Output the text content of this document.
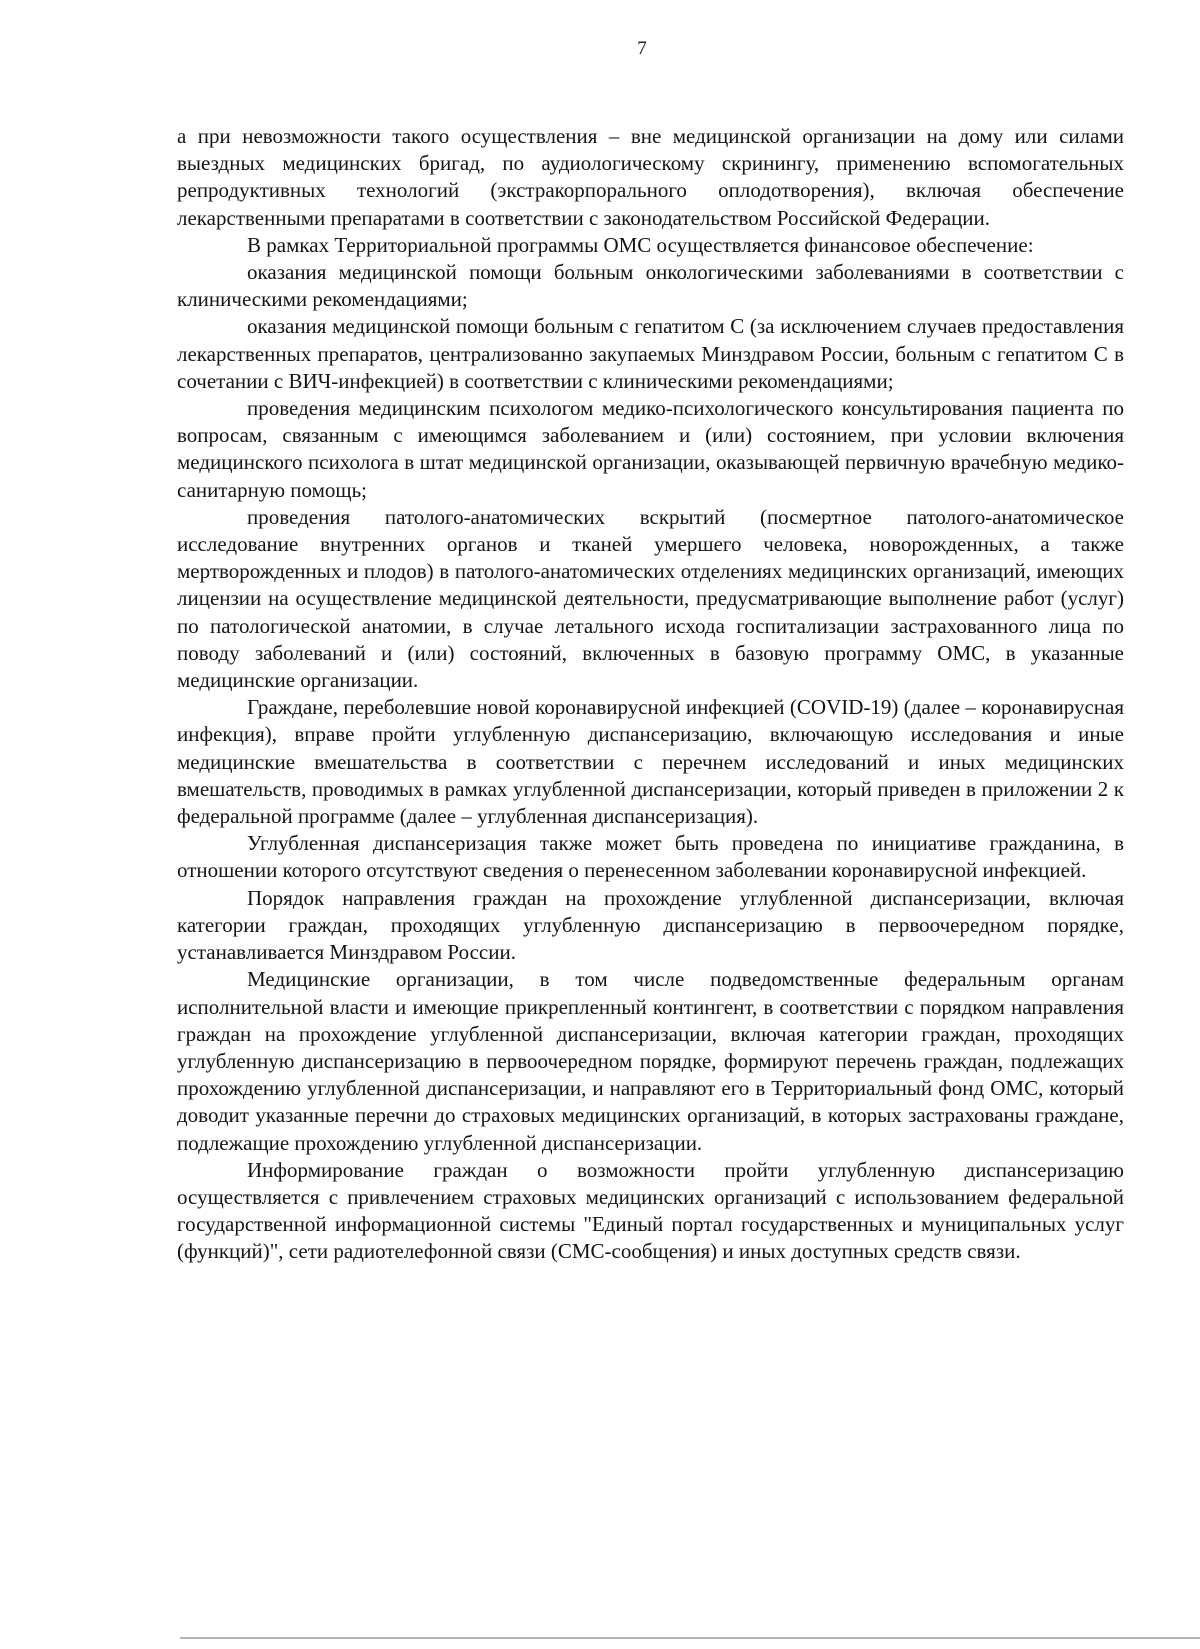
7

а при невозможности такого осуществления – вне медицинской организации на дому или силами выездных медицинских бригад, по аудиологическому скринингу, применению вспомогательных репродуктивных технологий (экстракорпорального оплодотворения), включая обеспечение лекарственными препаратами в соответствии с законодательством Российской Федерации.

В рамках Территориальной программы ОМС осуществляется финансовое обеспечение:

оказания медицинской помощи больным онкологическими заболеваниями в соответствии с клиническими рекомендациями;

оказания медицинской помощи больным с гепатитом С (за исключением случаев предоставления лекарственных препаратов, централизованно закупаемых Минздравом России, больным с гепатитом С в сочетании с ВИЧ-инфекцией) в соответствии с клиническими рекомендациями;

проведения медицинским психологом медико-психологического консультирования пациента по вопросам, связанным с имеющимся заболеванием и (или) состоянием, при условии включения медицинского психолога в штат медицинской организации, оказывающей первичную врачебную медико-санитарную помощь;

проведения патолого-анатомических вскрытий (посмертное патолого-анатомическое исследование внутренних органов и тканей умершего человека, новорожденных, а также мертворожденных и плодов) в патолого-анатомических отделениях медицинских организаций, имеющих лицензии на осуществление медицинской деятельности, предусматривающие выполнение работ (услуг) по патологической анатомии, в случае летального исхода госпитализации застрахованного лица по поводу заболеваний и (или) состояний, включенных в базовую программу ОМС, в указанные медицинские организации.

Граждане, переболевшие новой коронавирусной инфекцией (COVID-19) (далее – коронавирусная инфекция), вправе пройти углубленную диспансеризацию, включающую исследования и иные медицинские вмешательства в соответствии с перечнем исследований и иных медицинских вмешательств, проводимых в рамках углубленной диспансеризации, который приведен в приложении 2 к федеральной программе (далее – углубленная диспансеризация).

Углубленная диспансеризация также может быть проведена по инициативе гражданина, в отношении которого отсутствуют сведения о перенесенном заболевании коронавирусной инфекцией.

Порядок направления граждан на прохождение углубленной диспансеризации, включая категории граждан, проходящих углубленную диспансеризацию в первоочередном порядке, устанавливается Минздравом России.

Медицинские организации, в том числе подведомственные федеральным органам исполнительной власти и имеющие прикрепленный контингент, в соответствии с порядком направления граждан на прохождение углубленной диспансеризации, включая категории граждан, проходящих углубленную диспансеризацию в первоочередном порядке, формируют перечень граждан, подлежащих прохождению углубленной диспансеризации, и направляют его в Территориальный фонд ОМС, который доводит указанные перечни до страховых медицинских организаций, в которых застрахованы граждане, подлежащие прохождению углубленной диспансеризации.

Информирование граждан о возможности пройти углубленную диспансеризацию осуществляется с привлечением страховых медицинских организаций с использованием федеральной государственной информационной системы "Единый портал государственных и муниципальных услуг (функций)", сети радиотелефонной связи (СМС-сообщения) и иных доступных средств связи.
